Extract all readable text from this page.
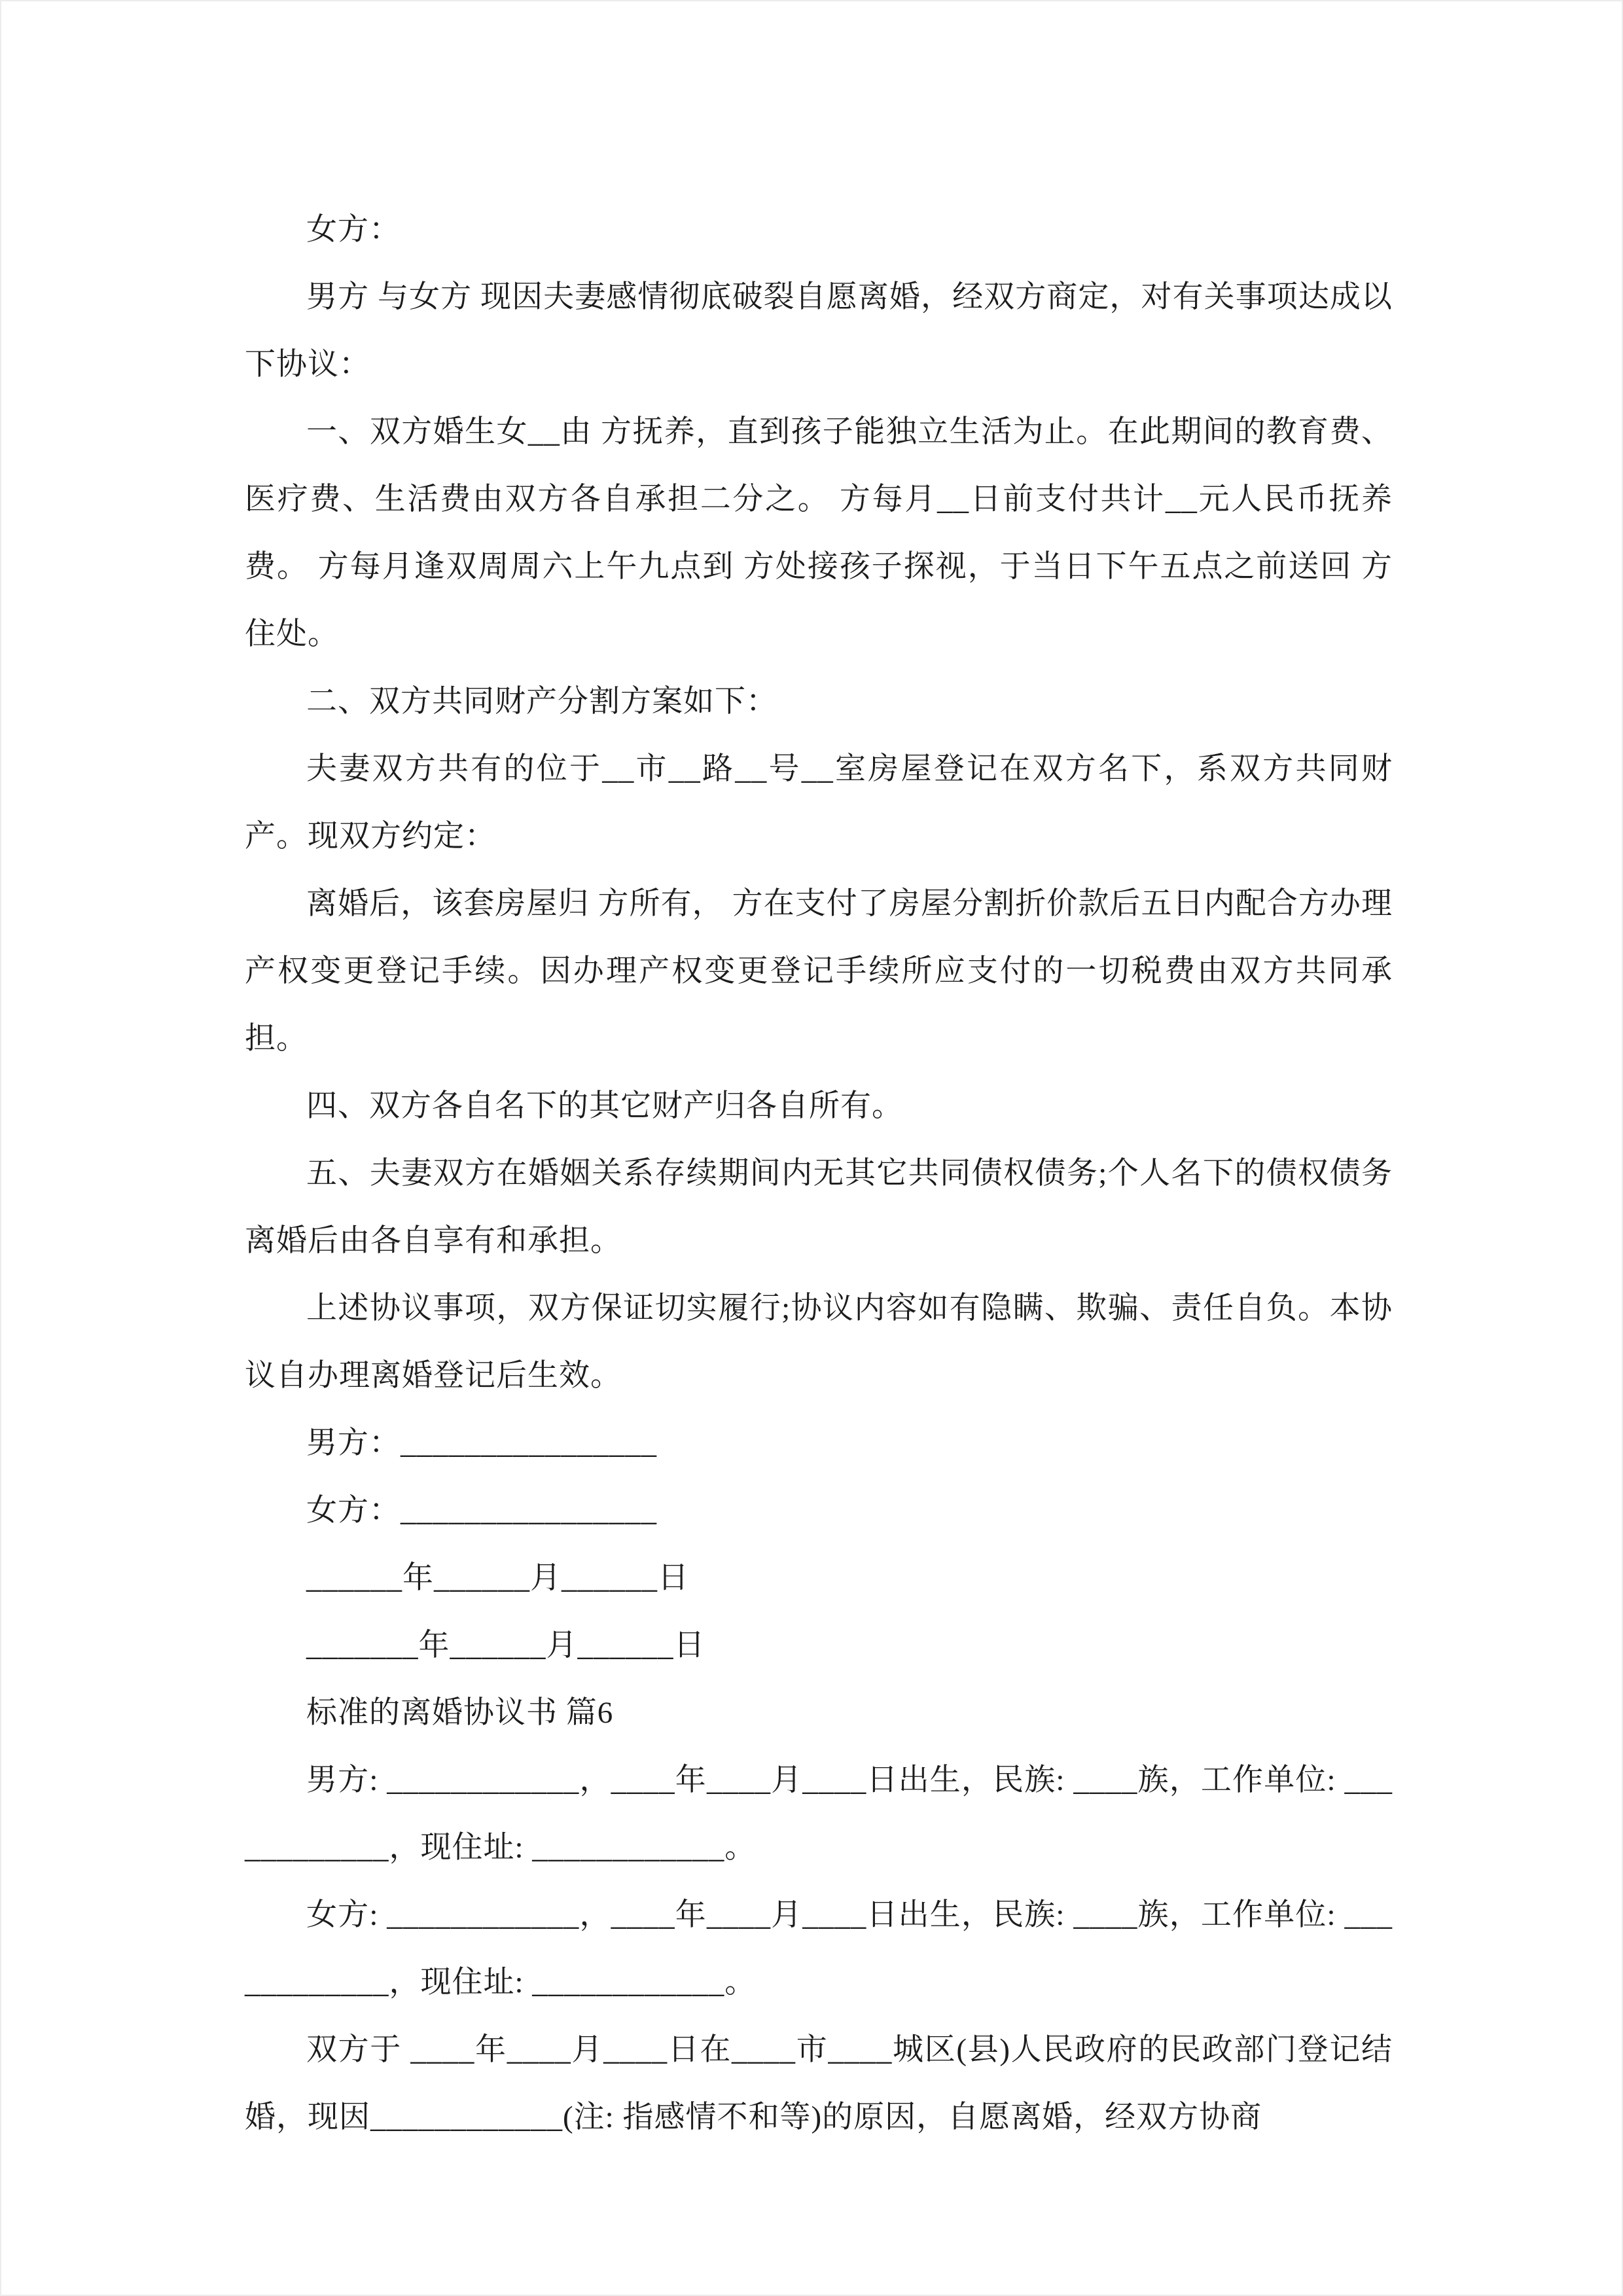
女方：

男方 与女方 现因夫妻感情彻底破裂自愿离婚，经双方商定，对有关事项达成以下协议：

一、双方婚生女__由 方抚养，直到孩子能独立生活为止。在此期间的教育费、医疗费、生活费由双方各自承担二分之。 方每月__日前支付共计__元人民币抚养费。 方每月逢双周周六上午九点到 方处接孩子探视，于当日下午五点之前送回 方住处。

二、双方共同财产分割方案如下：

夫妻双方共有的位于__市__路__号__室房屋登记在双方名下，系双方共同财产。现双方约定：

离婚后，该套房屋归 方所有， 方在支付了房屋分割折价款后五日内配合方办理产权变更登记手续。因办理产权变更登记手续所应支付的一切税费由双方共同承担。

四、双方各自名下的其它财产归各自所有。

五、夫妻双方在婚姻关系存续期间内无其它共同债权债务;个人名下的债权债务离婚后由各自享有和承担。

上述协议事项，双方保证切实履行;协议内容如有隐瞒、欺骗、责任自负。本协议自办理离婚登记后生效。

男方：________________

女方：________________

______年______月______日

_______年______月______日

标准的离婚协议书 篇6

男方: ____________，____年____月____日出生，民族: ____族，工作单位: ____________，现住址: ____________。

女方: ____________，____年____月____日出生，民族: ____族，工作单位: ____________，现住址: ____________。

双方于 ____年____月____日在____市____城区(县)人民政府的民政部门登记结婚，现因____________(注: 指感情不和等)的原因，自愿离婚，经双方协商
